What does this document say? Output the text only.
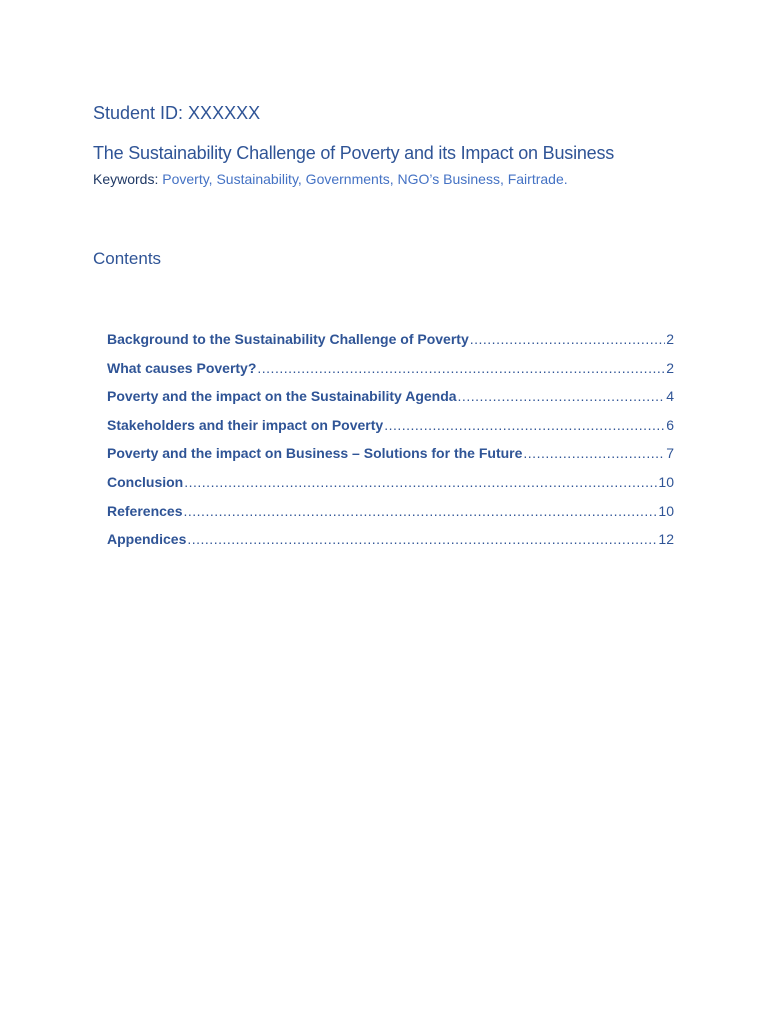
Student ID: XXXXXX
The Sustainability Challenge of Poverty and its Impact on Business
Keywords: Poverty, Sustainability, Governments, NGO’s Business, Fairtrade.
Contents
Background to the Sustainability Challenge of Poverty .....	2
What causes Poverty? .....	2
Poverty and the impact on the Sustainability Agenda .....	4
Stakeholders and their impact on Poverty .....	6
Poverty and the impact on Business – Solutions for the Future .....	7
Conclusion .....	10
References .....	10
Appendices .....	12
